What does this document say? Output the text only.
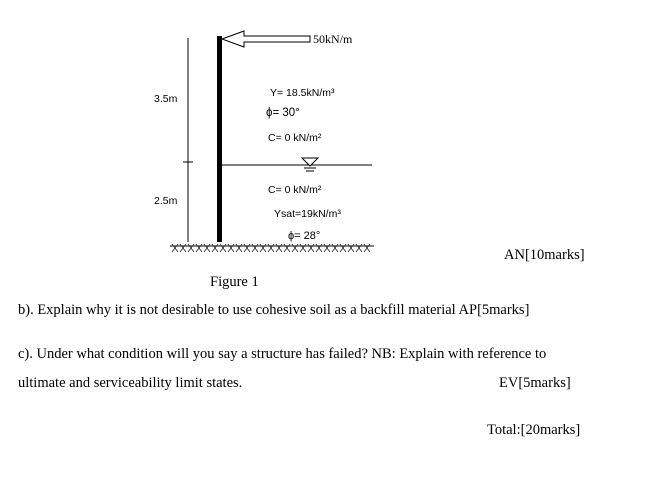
50kN/m
3.5m
2.5m
Y= 18.5kN/m³
ϕ= 30°
C= 0 kN/m²
C= 0 kN/m²
Ysat=19kN/m³
ϕ= 28°
AN[10marks]
Figure 1
b). Explain why it is not desirable to use cohesive soil as a backfill material AP[5marks]
c). Under what condition will you say a structure has failed? NB: Explain with reference to
ultimate and serviceability limit states.	EV[5marks]
Total:[20marks]
